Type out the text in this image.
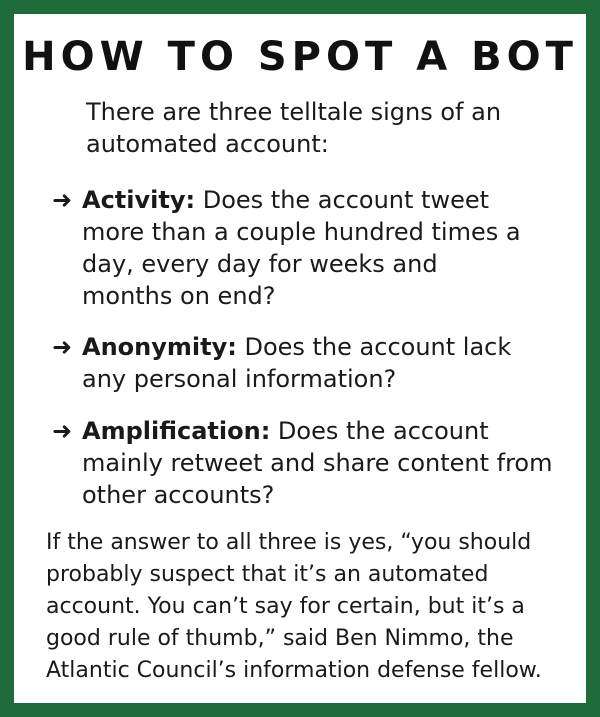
HOW TO SPOT A BOT
There are three telltale signs of an automated account:
➜ Activity: Does the account tweet more than a couple hundred times a day, every day for weeks and months on end?
➜ Anonymity: Does the account lack any personal information?
➜ Amplification: Does the account mainly retweet and share content from other accounts?
If the answer to all three is yes, “you should probably suspect that it’s an automated account. You can’t say for certain, but it’s a good rule of thumb,” said Ben Nimmo, the Atlantic Council’s information defense fellow.
